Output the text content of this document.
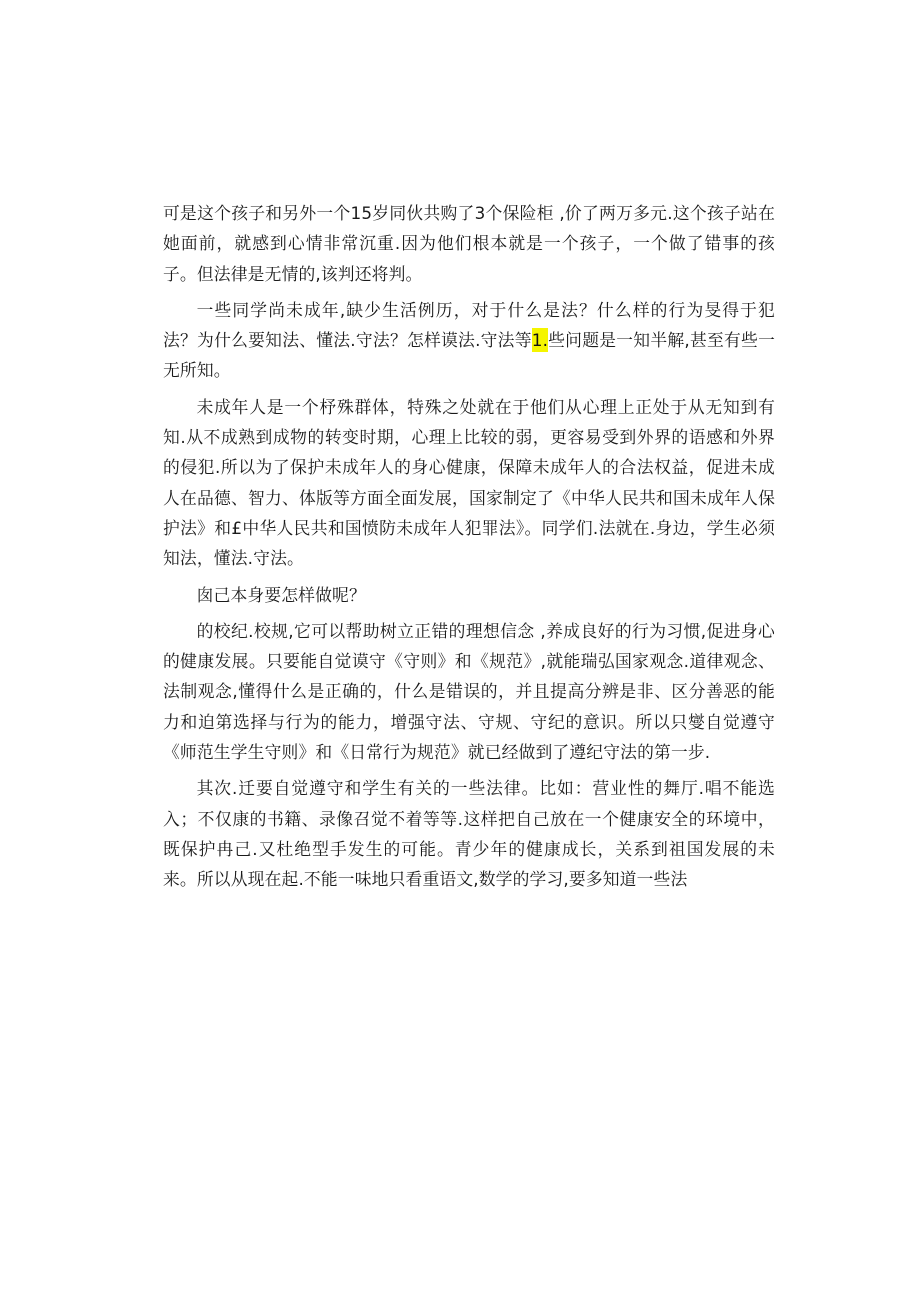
可是这个孩子和另外一个15岁同伙共购了3个保险柜 ,价了两万多元.这个孩子站在她面前，就感到心情非常沉重.因为他们根本就是一个孩子，一个做了错事的孩子。但法律是无情的,该判还将判。

一些同学尚未成年,缺少生活例历，对于什么是法？什么样的行为旻得于犯法？为什么要知法、懂法.守法？怎样谟法.守法等1.些问题是一知半解,甚至有些一无所知。

未成年人是一个杼殊群体，特殊之处就在于他们从心理上正处于从无知到有知.从不成熟到成物的转变时期，心理上比较的弱，更容易受到外界的语感和外界的侵犯.所以为了保护未成年人的身心健康，保障未成年人的合法权益，促进未成人在品德、智力、体版等方面全面发展，国家制定了《中华人民共和国未成年人保护法》和£中华人民共和国愤防未成年人犯罪法》。同学们.法就在.身边，学生必须知法，懂法.守法。

囱己本身要怎样做呢？

的校纪.校规,它可以帮助树立正错的理想信念 ,养成良好的行为习惯,促进身心的健康发展。只要能自觉谟守《守则》和《规范》,就能瑞弘国家观念.道律观念、法制观念,懂得什么是正确的，什么是错误的，并且提高分辨是非、区分善恶的能力和迫第选择与行为的能力，增强守法、守规、守纪的意识。所以只燮自觉遵守《师范生学生守则》和《日常行为规范》就已经做到了遵纪守法的第一步.

其次.迁要自觉遵守和学生有关的一些法律。比如：营业性的舞厅.唱不能选入；不仅康的书籍、录像召觉不着等等.这样把自己放在一个健康安全的环境中，既保护冉己.又杜绝型手发生的可能。青少年的健康成长，关系到祖国发展的未来。所以从现在起.不能一味地只看重语文,数学的学习,要多知道一些法
